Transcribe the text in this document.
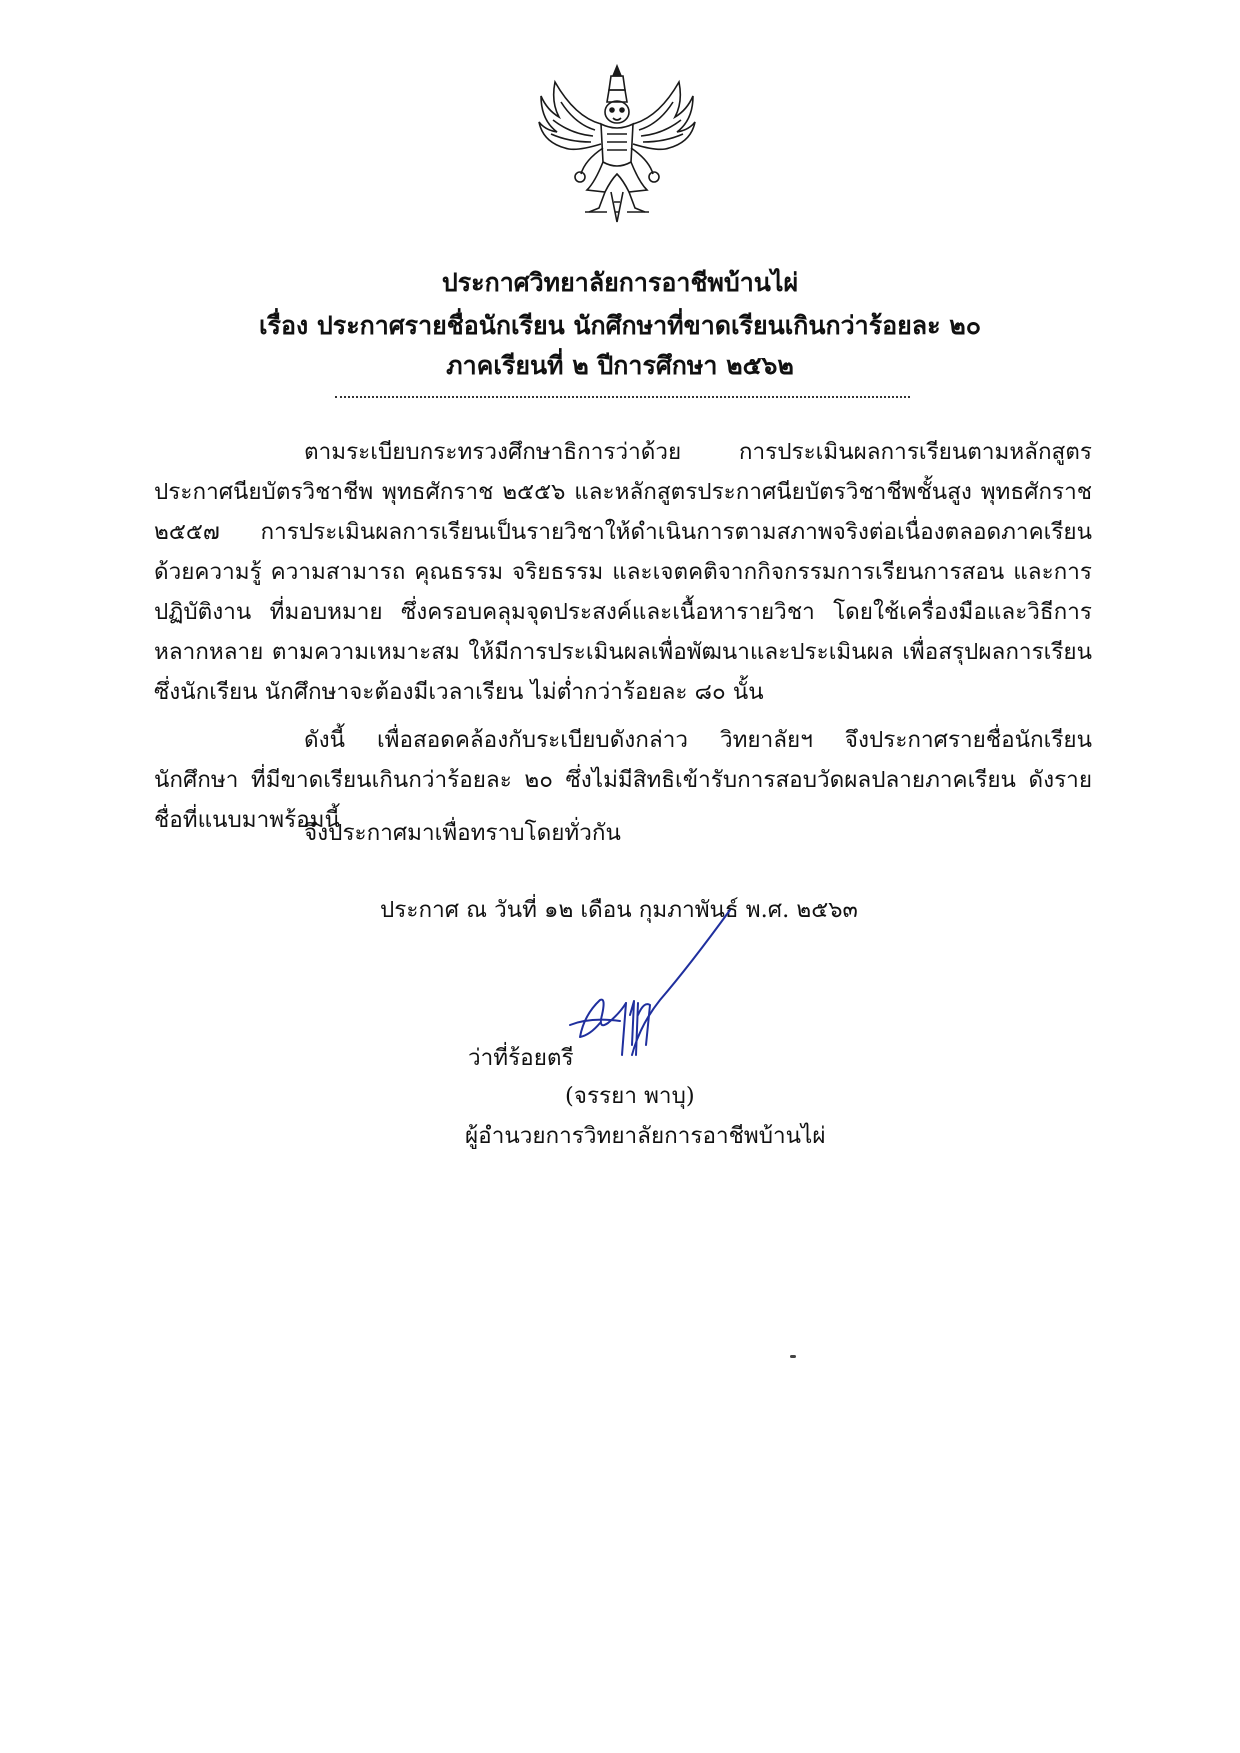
ประกาศวิทยาลัยการอาชีพบ้านไผ่
เรื่อง ประกาศรายชื่อนักเรียน นักศึกษาที่ขาดเรียนเกินกว่าร้อยละ ๒๐
ภาคเรียนที่ ๒ ปีการศึกษา ๒๕๖๒

ตามระเบียบกระทรวงศึกษาธิการว่าด้วย การประเมินผลการเรียนตามหลักสูตรประกาศนียบัตรวิชาชีพ พุทธศักราช ๒๕๕๖ และหลักสูตรประกาศนียบัตรวิชาชีพชั้นสูง พุทธศักราช ๒๕๕๗ การประเมินผลการเรียนเป็นรายวิชาให้ดำเนินการตามสภาพจริงต่อเนื่องตลอดภาคเรียน ด้วยความรู้ ความสามารถ คุณธรรม จริยธรรม และเจตคติจากกิจกรรมการเรียนการสอน และการปฏิบัติงาน ที่มอบหมาย ซึ่งครอบคลุมจุดประสงค์และเนื้อหารายวิชา โดยใช้เครื่องมือและวิธีการหลากหลาย ตามความเหมาะสม ให้มีการประเมินผลเพื่อพัฒนาและประเมินผล เพื่อสรุปผลการเรียน ซึ่งนักเรียน นักศึกษาจะต้องมีเวลาเรียน ไม่ต่ำกว่าร้อยละ ๘๐ นั้น

ดังนี้ เพื่อสอดคล้องกับระเบียบดังกล่าว วิทยาลัยฯ จึงประกาศรายชื่อนักเรียน นักศึกษา ที่มีขาดเรียนเกินกว่าร้อยละ ๒๐ ซึ่งไม่มีสิทธิเข้ารับการสอบวัดผลปลายภาคเรียน ดังรายชื่อที่แนบมาพร้อมนี้

จึงประกาศมาเพื่อทราบโดยทั่วกัน

ประกาศ ณ วันที่ ๑๒ เดือน กุมภาพันธ์ พ.ศ. ๒๕๖๓
ว่าที่ร้อยตรี
(จรรยา พาบุ)
ผู้อำนวยการวิทยาลัยการอาชีพบ้านไผ่
